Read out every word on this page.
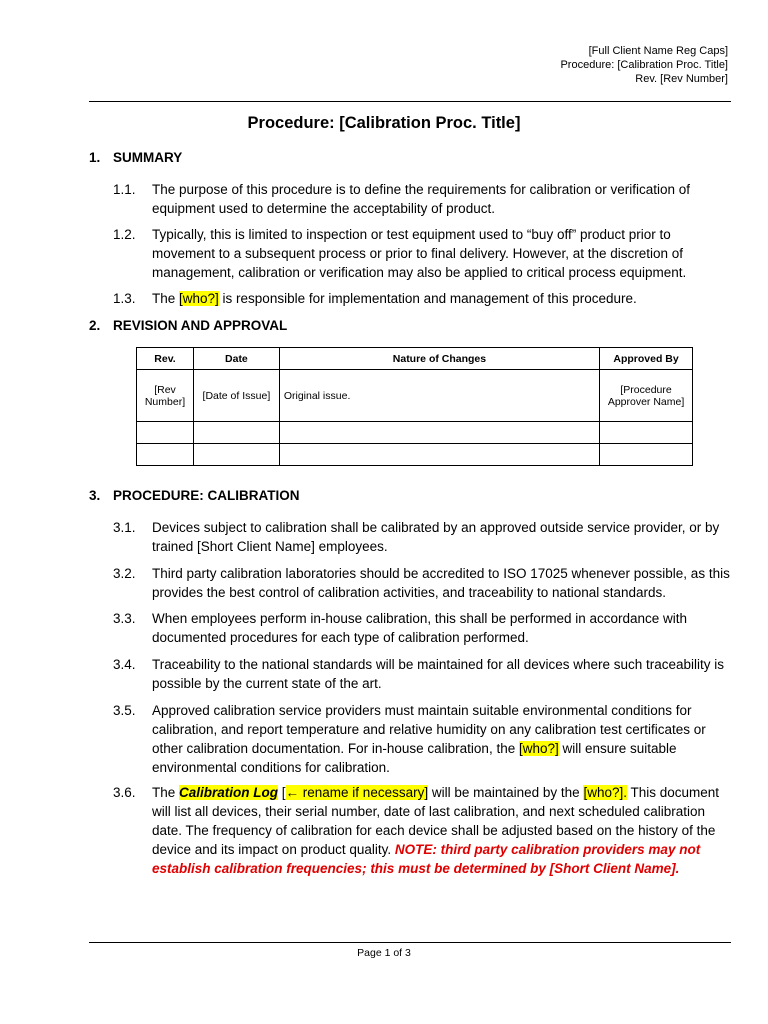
[Full Client Name Reg Caps]
Procedure: [Calibration Proc. Title]
Rev. [Rev Number]
Procedure: [Calibration Proc. Title]
1. SUMMARY
1.1. The purpose of this procedure is to define the requirements for calibration or verification of equipment used to determine the acceptability of product.
1.2. Typically, this is limited to inspection or test equipment used to “buy off” product prior to movement to a subsequent process or prior to final delivery. However, at the discretion of management, calibration or verification may also be applied to critical process equipment.
1.3. The [who?] is responsible for implementation and management of this procedure.
2. REVISION AND APPROVAL
Rev.	Date	Nature of Changes	Approved By
[Rev Number]	[Date of Issue]	Original issue.	[Procedure Approver Name]

3. PROCEDURE: CALIBRATION
3.1. Devices subject to calibration shall be calibrated by an approved outside service provider, or by trained [Short Client Name] employees.
3.2. Third party calibration laboratories should be accredited to ISO 17025 whenever possible, as this provides the best control of calibration activities, and traceability to national standards.
3.3. When employees perform in-house calibration, this shall be performed in accordance with documented procedures for each type of calibration performed.
3.4. Traceability to the national standards will be maintained for all devices where such traceability is possible by the current state of the art.
3.5. Approved calibration service providers must maintain suitable environmental conditions for calibration, and report temperature and relative humidity on any calibration test certificates or other calibration documentation. For in-house calibration, the [who?] will ensure suitable environmental conditions for calibration.
3.6. The Calibration Log [← rename if necessary] will be maintained by the [who?]. This document will list all devices, their serial number, date of last calibration, and next scheduled calibration date. The frequency of calibration for each device shall be adjusted based on the history of the device and its impact on product quality. NOTE: third party calibration providers may not establish calibration frequencies; this must be determined by [Short Client Name].
Page 1 of 3
